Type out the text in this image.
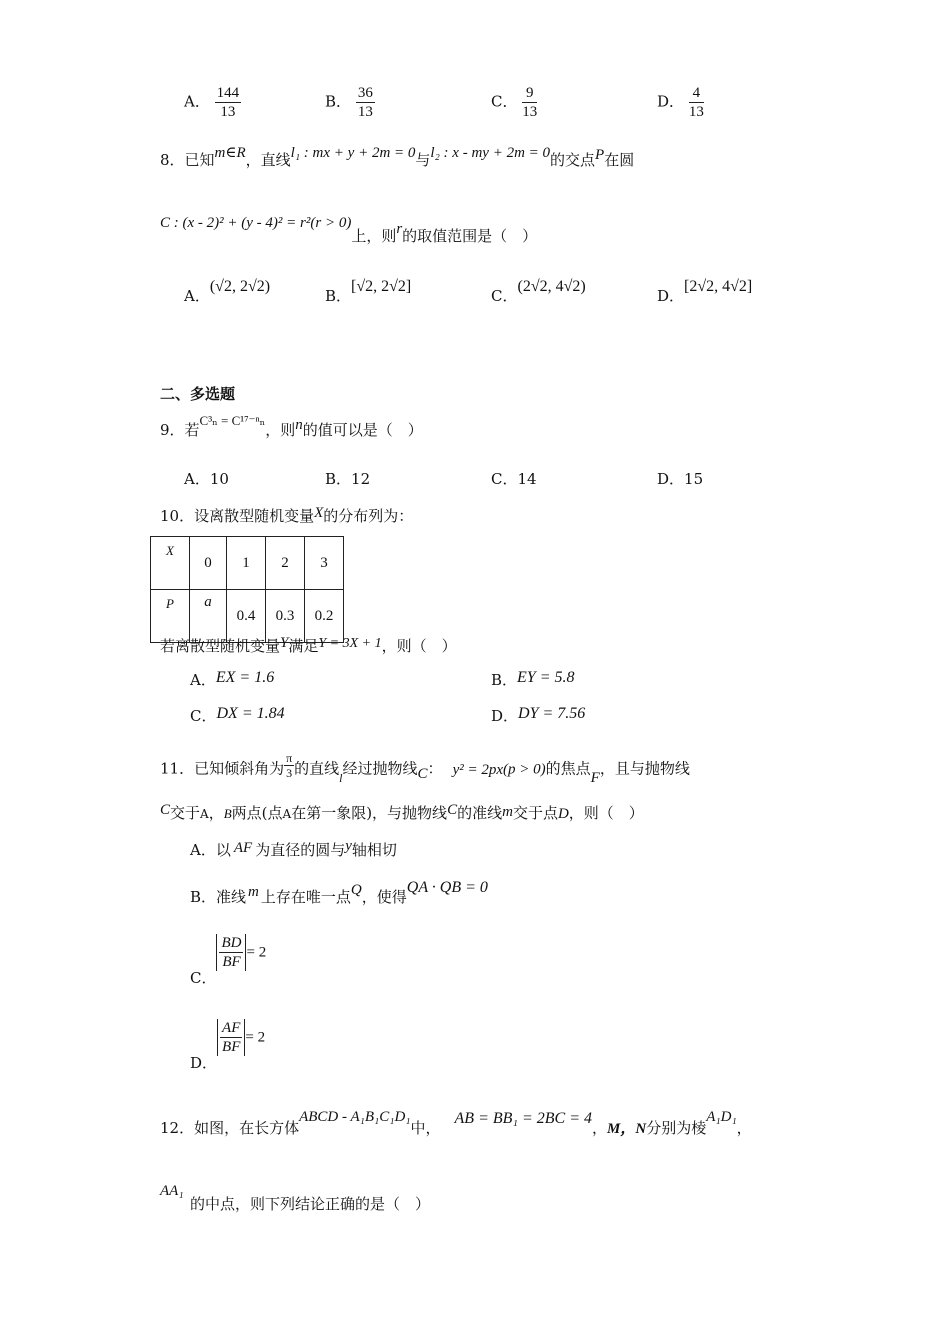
A． $\frac{144}{13}$	B． $\frac{36}{13}$	C． $\frac{9}{13}$	D． $\frac{4}{13}$
8．已知m∈R，直线l₁ : mx + y + 2m = 0与l₂ : x - my + 2m = 0的交点P在圆
C : (x - 2)² + (y - 4)² = r²(r > 0)上，则r的取值范围是（　）
A．(√2, 2√2)
B．[√2, 2√2]
C．(2√2, 4√2)
D．[2√2, 4√2]
二、多选题
9．若C³ₙ = C¹⁷⁻ⁿₙ，则n的值可以是（　）
A．10	B．12	C．14	D．15
10．设离散型随机变量X的分布列为：
X	0	1	2	3
P	a	0.4	0.3	0.2
若离散型随机变量Y满足Y = 3X + 1，则（　）
A．EX = 1.6	B．EY = 5.8
C．DX = 1.84	D．DY = 7.56
11．已知倾斜角为 $\frac{\pi}{3}$ 的直线$_l$经过抛物线C： y² = 2px(p > 0)的焦点F，且与抛物线
C交于A，B两点(点A在第一象限)，与抛物线C的准线m交于点D，则（　）
A．以 AF 为直径的圆与y轴相切
B．准线 m 上存在唯一点Q，使得QA · QB = 0
C．
$\frac{BD}{BF} = 2$
D．
$\frac{AF}{BF} = 2$
12．如图，在长方体ABCD - A₁B₁C₁D₁中，AB = BB₁ = 2BC = 4，M，N分别为棱A₁D₁，
AA₁
的中点，则下列结论正确的是（　）
